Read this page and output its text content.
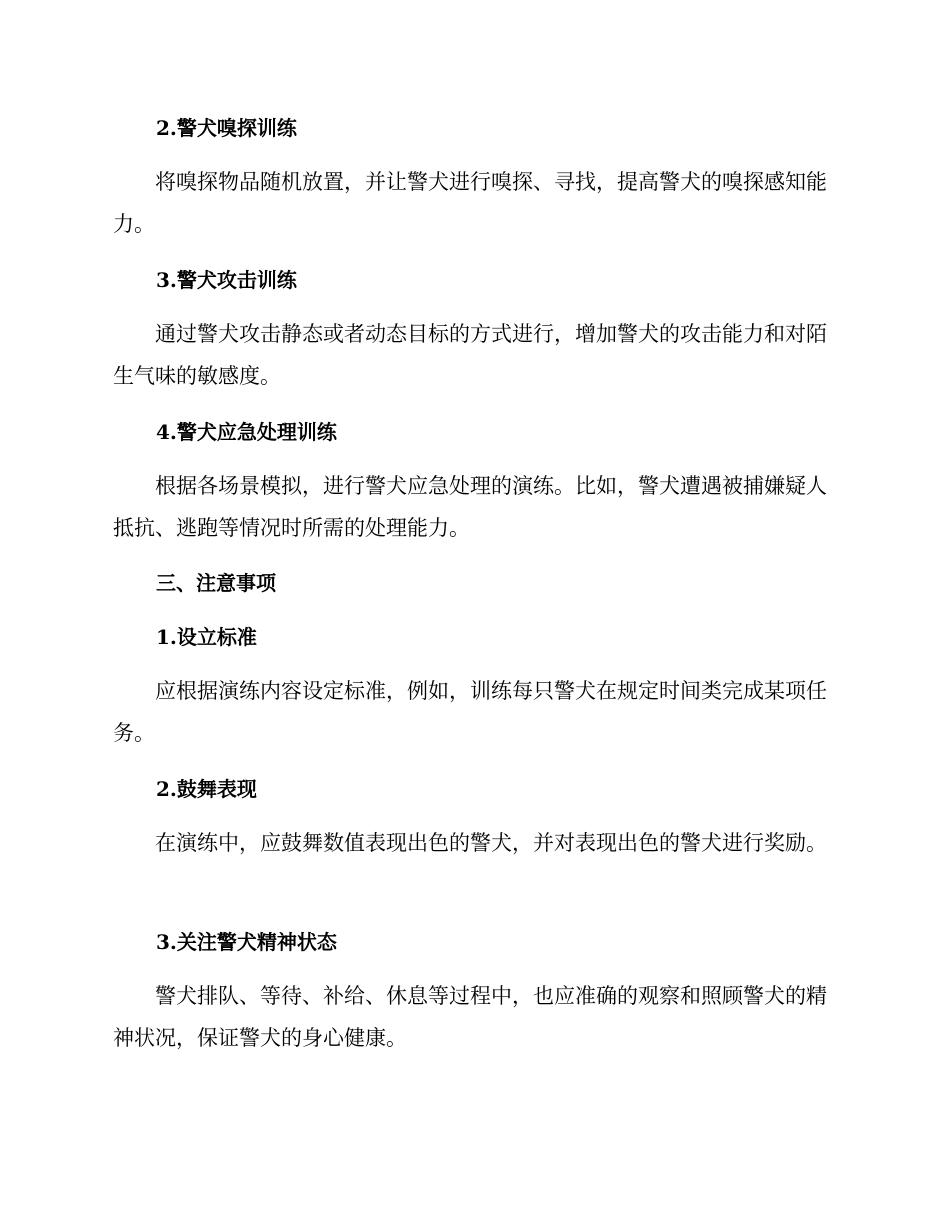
2.警犬嗅探训练

将嗅探物品随机放置，并让警犬进行嗅探、寻找，提高警犬的嗅探感知能力。

3.警犬攻击训练

通过警犬攻击静态或者动态目标的方式进行，增加警犬的攻击能力和对陌生气味的敏感度。

4.警犬应急处理训练

根据各场景模拟，进行警犬应急处理的演练。比如，警犬遭遇被捕嫌疑人抵抗、逃跑等情况时所需的处理能力。

三、注意事项
1.设立标准

应根据演练内容设定标准，例如，训练每只警犬在规定时间类完成某项任务。

2.鼓舞表现

在演练中，应鼓舞数值表现出色的警犬，并对表现出色的警犬进行奖励。

3.关注警犬精神状态

警犬排队、等待、补给、休息等过程中，也应准确的观察和照顾警犬的精神状况，保证警犬的身心健康。
